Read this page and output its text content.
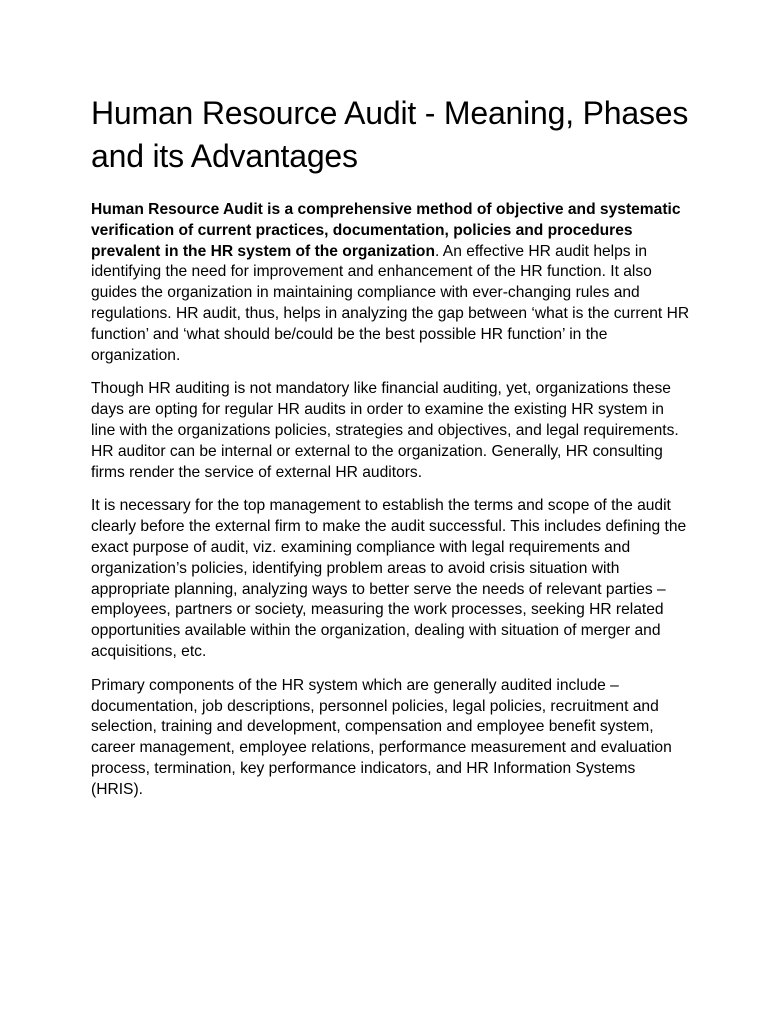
Human Resource Audit - Meaning, Phases and its Advantages

Human Resource Audit is a comprehensive method of objective and systematic verification of current practices, documentation, policies and procedures prevalent in the HR system of the organization. An effective HR audit helps in identifying the need for improvement and enhancement of the HR function. It also guides the organization in maintaining compliance with ever-changing rules and regulations. HR audit, thus, helps in analyzing the gap between ‘what is the current HR function’ and ‘what should be/could be the best possible HR function’ in the organization.

Though HR auditing is not mandatory like financial auditing, yet, organizations these days are opting for regular HR audits in order to examine the existing HR system in line with the organizations policies, strategies and objectives, and legal requirements. HR auditor can be internal or external to the organization. Generally, HR consulting firms render the service of external HR auditors.

It is necessary for the top management to establish the terms and scope of the audit clearly before the external firm to make the audit successful. This includes defining the exact purpose of audit, viz. examining compliance with legal requirements and organization’s policies, identifying problem areas to avoid crisis situation with appropriate planning, analyzing ways to better serve the needs of relevant parties – employees, partners or society, measuring the work processes, seeking HR related opportunities available within the organization, dealing with situation of merger and acquisitions, etc.

Primary components of the HR system which are generally audited include – documentation, job descriptions, personnel policies, legal policies, recruitment and selection, training and development, compensation and employee benefit system, career management, employee relations, performance measurement and evaluation process, termination, key performance indicators, and HR Information Systems (HRIS).
